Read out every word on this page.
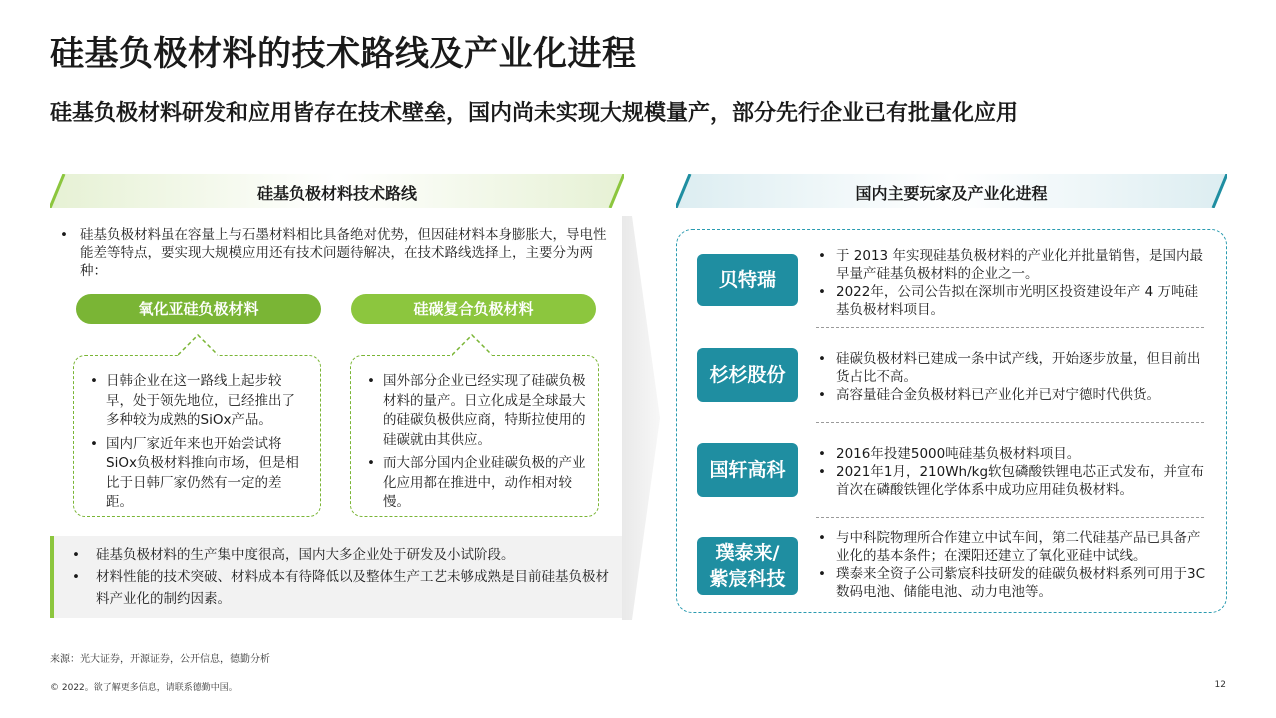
硅基负极材料的技术路线及产业化进程
硅基负极材料研发和应用皆存在技术壁垒，国内尚未实现大规模量产，部分先行企业已有批量化应用
硅基负极材料技术路线	国内主要玩家及产业化进程
• 硅基负极材料虽在容量上与石墨材料相比具备绝对优势，但因硅材料本身膨胀大，导电性能差等特点，要实现大规模应用还有技术问题待解决，在技术路线选择上，主要分为两种：
氧化亚硅负极材料	硅碳复合负极材料
• 日韩企业在这一路线上起步较早，处于领先地位，已经推出了多种较为成熟的SiOx产品。
• 国内厂家近年来也开始尝试将SiOx负极材料推向市场，但是相比于日韩厂家仍然有一定的差距。
• 国外部分企业已经实现了硅碳负极材料的量产。日立化成是全球最大的硅碳负极供应商，特斯拉使用的硅碳就由其供应。
• 而大部分国内企业硅碳负极的产业化应用都在推进中，动作相对较慢。
• 硅基负极材料的生产集中度很高，国内大多企业处于研发及小试阶段。
• 材料性能的技术突破、材料成本有待降低以及整体生产工艺未够成熟是目前硅基负极材料产业化的制约因素。
贝特瑞
• 于 2013 年实现硅基负极材料的产业化并批量销售，是国内最早量产硅基负极材料的企业之一。
• 2022年，公司公告拟在深圳市光明区投资建设年产 4 万吨硅基负极材料项目。
杉杉股份
• 硅碳负极材料已建成一条中试产线，开始逐步放量，但目前出货占比不高。
• 高容量硅合金负极材料已产业化并已对宁德时代供货。
国轩高科
• 2016年投建5000吨硅基负极材料项目。
• 2021年1月，210Wh/kg软包磷酸铁锂电芯正式发布，并宣布首次在磷酸铁锂化学体系中成功应用硅负极材料。
璞泰来/
紫宸科技
• 与中科院物理所合作建立中试车间，第二代硅基产品已具备产业化的基本条件；在溧阳还建立了氧化亚硅中试线。
• 璞泰来全资子公司紫宸科技研发的硅碳负极材料系列可用于3C数码电池、储能电池、动力电池等。
来源：光大证券，开源证券，公开信息，德勤分析
© 2022。欲了解更多信息，请联系德勤中国。	12
